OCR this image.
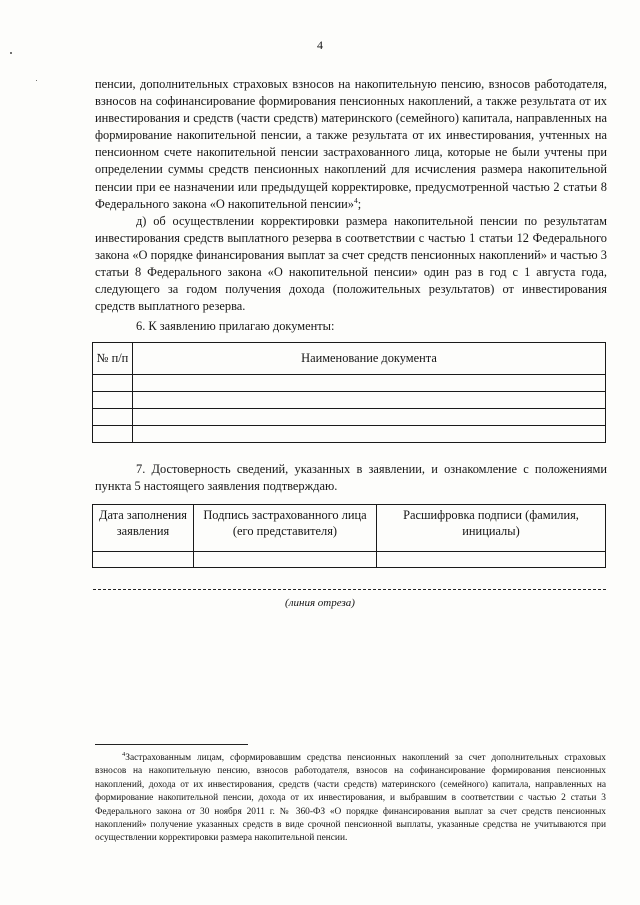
4

пенсии, дополнительных страховых взносов на накопительную пенсию, взносов работодателя, взносов на софинансирование формирования пенсионных накоплений, а также результата от их инвестирования и средств (части средств) материнского (семейного) капитала, направленных на формирование накопительной пенсии, а также результата от их инвестирования, учтенных на пенсионном счете накопительной пенсии застрахованного лица, которые не были учтены при определении суммы средств пенсионных накоплений для исчисления размера накопительной пенсии при ее назначении или предыдущей корректировке, предусмотренной частью 2 статьи 8 Федерального закона «О накопительной пенсии»$^4$;

д) об осуществлении корректировки размера накопительной пенсии по результатам инвестирования средств выплатного резерва в соответствии с частью 1 статьи 12 Федерального закона «О порядке финансирования выплат за счет средств пенсионных накоплений» и частью 3 статьи 8 Федерального закона «О накопительной пенсии» один раз в год с 1 августа года, следующего за годом получения дохода (положительных результатов) от инвестирования средств выплатного резерва.

6. К заявлению прилагаю документы:

№ п/п	Наименование документа

7. Достоверность сведений, указанных в заявлении, и ознакомление с положениями пункта 5 настоящего заявления подтверждаю.

Дата заполнения заявления	Подпись застрахованного лица (его представителя)	Расшифровка подписи (фамилия, инициалы)

(линия отреза)

$^4$Застрахованным лицам, сформировавшим средства пенсионных накоплений за счет дополнительных страховых взносов на накопительную пенсию, взносов работодателя, взносов на софинансирование формирования пенсионных накоплений, дохода от их инвестирования, средств (части средств) материнского (семейного) капитала, направленных на формирование накопительной пенсии, дохода от их инвестирования, и выбравшим в соответствии с частью 2 статьи 3 Федерального закона от 30 ноября 2011 г. № 360-ФЗ «О порядке финансирования выплат за счет средств пенсионных накоплений» получение указанных средств в виде срочной пенсионной выплаты, указанные средства не учитываются при осуществлении корректировки размера накопительной пенсии.
